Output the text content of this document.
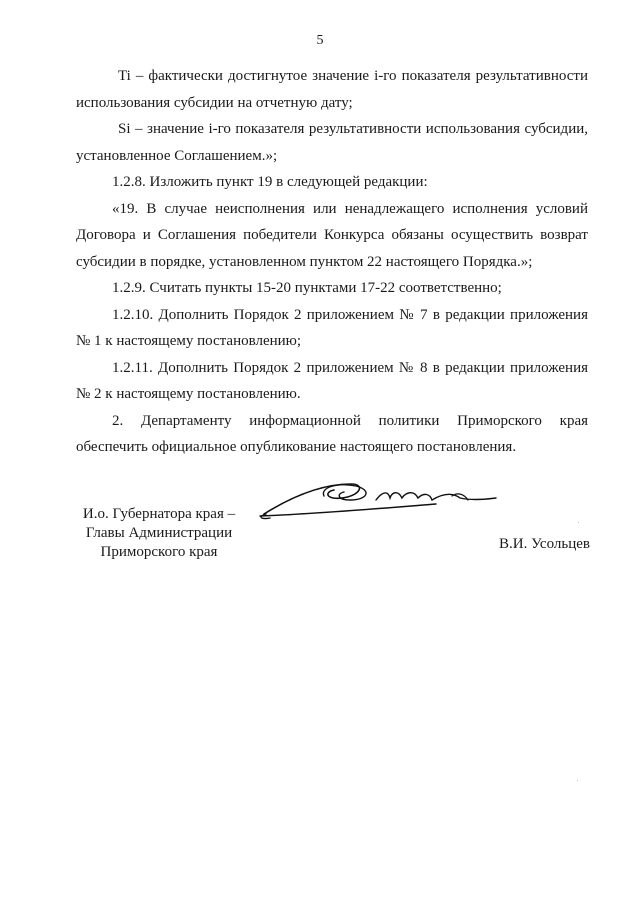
5

Ti – фактически достигнутое значение i-го показателя результативности использования субсидии на отчетную дату;

Si – значение i-го показателя результативности использования субсидии, установленное Соглашением.»;

1.2.8. Изложить пункт 19 в следующей редакции:

«19. В случае неисполнения или ненадлежащего исполнения условий Договора и Соглашения победители Конкурса обязаны осуществить возврат субсидии в порядке, установленном пунктом 22 настоящего Порядка.»;

1.2.9. Считать пункты 15-20 пунктами 17-22 соответственно;

1.2.10. Дополнить Порядок 2 приложением № 7 в редакции приложения № 1 к настоящему постановлению;

1.2.11. Дополнить Порядок 2 приложением № 8 в редакции приложения № 2 к настоящему постановлению.

2. Департаменту информационной политики Приморского края обеспечить официальное опубликование настоящего постановления.

И.о. Губернатора края –
Главы Администрации
Приморского края	В.И. Усольцев
